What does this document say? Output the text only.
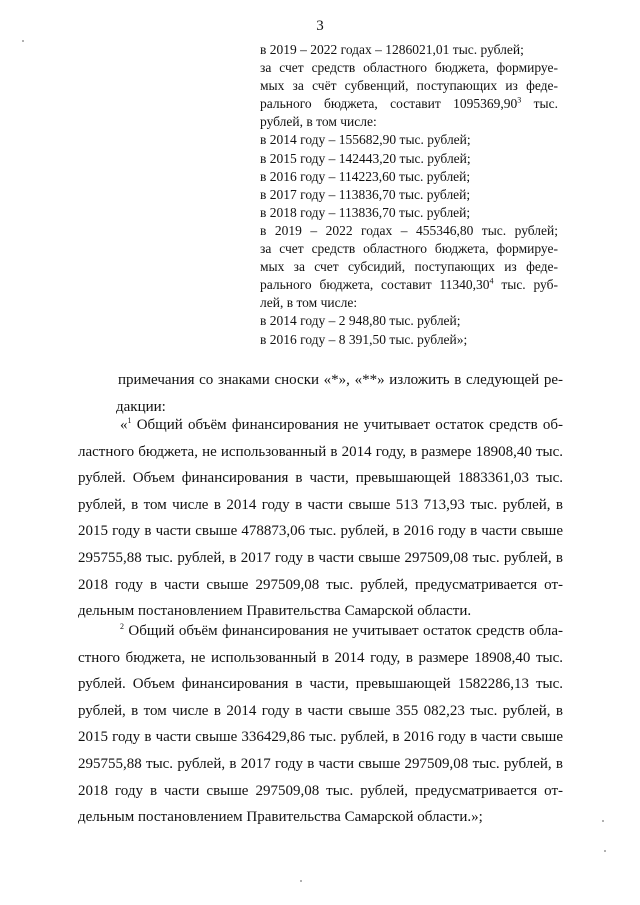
3
в 2019 – 2022 годах – 1286021,01 тыс. рублей;
за счет средств областного бюджета, формируе-
мых за счёт субвенций, поступающих из феде-
рального бюджета, составит 1095369,90$^3$ тыс.
рублей, в том числе:
в 2014 году – 155682,90 тыс. рублей;
в 2015 году – 142443,20 тыс. рублей;
в 2016 году – 114223,60 тыс. рублей;
в 2017 году – 113836,70 тыс. рублей;
в 2018 году – 113836,70 тыс. рублей;
в 2019 – 2022 годах – 455346,80 тыс. рублей;
за счет средств областного бюджета, формируе-
мых за счет субсидий, поступающих из феде-
рального бюджета, составит 11340,30$^4$ тыс. руб-
лей, в том числе:
в 2014 году – 2 948,80 тыс. рублей;
в 2016 году – 8 391,50 тыс. рублей»;
примечания со знаками сноски «*», «**» изложить в следующей ре-
дакции:
«$^1$ Общий объём финансирования не учитывает остаток средств об-
ластного бюджета, не использованный в 2014 году, в размере 18908,40 тыс.
рублей. Объем финансирования в части, превышающей 1883361,03 тыс.
рублей, в том числе в 2014 году в части свыше 513 713,93 тыс. рублей, в
2015 году в части свыше 478873,06 тыс. рублей, в 2016 году в части свыше
295755,88 тыс. рублей, в 2017 году в части свыше 297509,08 тыс. рублей, в
2018 году в части свыше 297509,08 тыс. рублей, предусматривается от-
дельным постановлением Правительства Самарской области.
$^2$ Общий объём финансирования не учитывает остаток средств обла-
стного бюджета, не использованный в 2014 году, в размере 18908,40 тыс.
рублей. Объем финансирования в части, превышающей 1582286,13 тыс.
рублей, в том числе в 2014 году в части свыше 355 082,23 тыс. рублей, в
2015 году в части свыше 336429,86 тыс. рублей, в 2016 году в части свыше
295755,88 тыс. рублей, в 2017 году в части свыше 297509,08 тыс. рублей, в
2018 году в части свыше 297509,08 тыс. рублей, предусматривается от-
дельным постановлением Правительства Самарской области.»;
